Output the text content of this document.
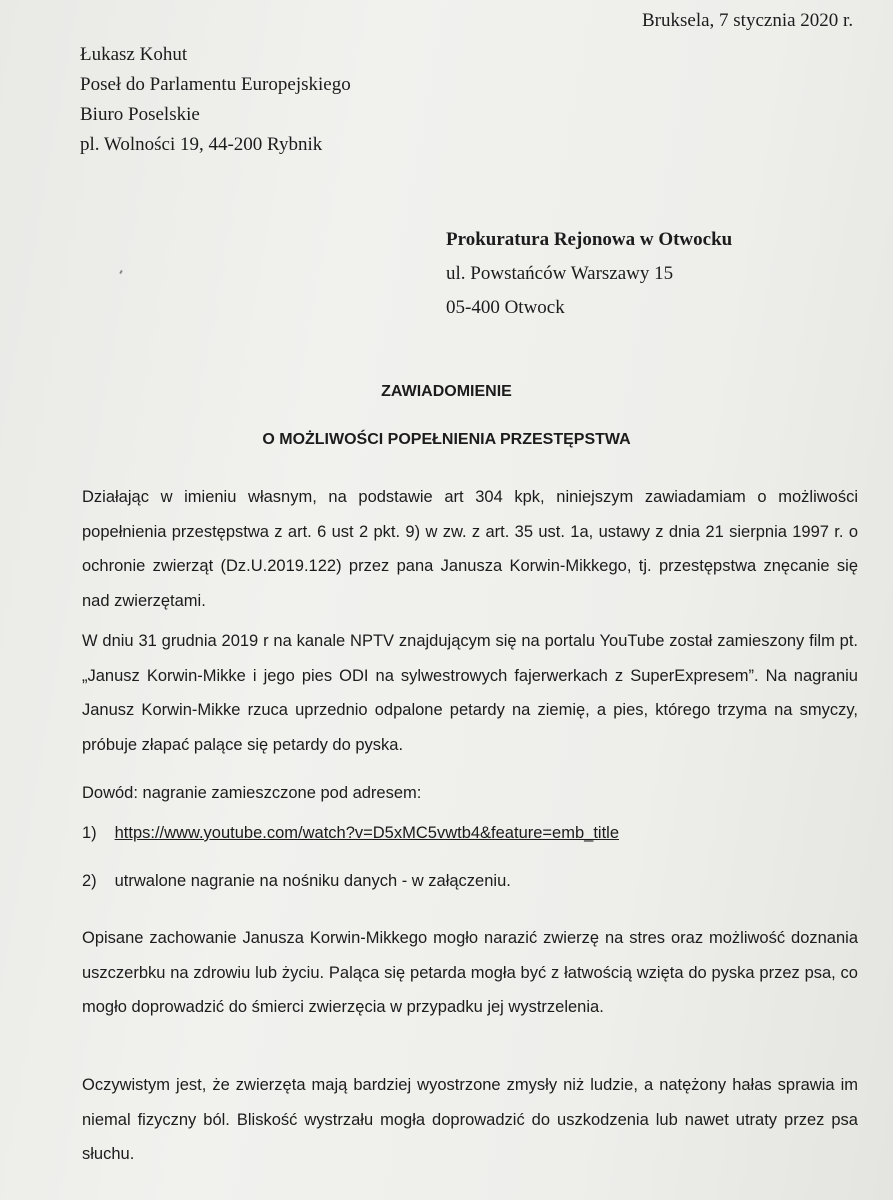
Bruksela, 7 stycznia 2020 r.
Łukasz Kohut
Poseł do Parlamentu Europejskiego
Biuro Poselskie
pl. Wolności 19, 44-200 Rybnik
Prokuratura Rejonowa w Otwocku
ul. Powstańców Warszawy 15
05-400 Otwock
ZAWIADOMIENIE
O MOŻLIWOŚCI POPEŁNIENIA PRZESTĘPSTWA
Działając w imieniu własnym, na podstawie art 304 kpk, niniejszym zawiadamiam o możliwości popełnienia przestępstwa z art. 6 ust 2 pkt. 9) w zw. z art. 35 ust. 1a, ustawy z dnia 21 sierpnia 1997 r. o ochronie zwierząt (Dz.U.2019.122) przez pana Janusza Korwin-Mikkego, tj. przestępstwa znęcanie się nad zwierzętami.
W dniu 31 grudnia 2019 r na kanale NPTV znajdującym się na portalu YouTube został zamieszony film pt. „Janusz Korwin-Mikke i jego pies ODI na sylwestrowych fajerwerkach z SuperExpresem”. Na nagraniu Janusz Korwin-Mikke rzuca uprzednio odpalone petardy na ziemię, a pies, którego trzyma na smyczy, próbuje złapać palące się petardy do pyska.
Dowód: nagranie zamieszczone pod adresem:
1) https://www.youtube.com/watch?v=D5xMC5vwtb4&feature=emb_title
2) utrwalone nagranie na nośniku danych - w załączeniu.
Opisane zachowanie Janusza Korwin-Mikkego mogło narazić zwierzę na stres oraz możliwość doznania uszczerbku na zdrowiu lub życiu. Paląca się petarda mogła być z łatwością wzięta do pyska przez psa, co mogło doprowadzić do śmierci zwierzęcia w przypadku jej wystrzelenia.
Oczywistym jest, że zwierzęta mają bardziej wyostrzone zmysły niż ludzie, a natężony hałas sprawia im niemal fizyczny ból. Bliskość wystrzału mogła doprowadzić do uszkodzenia lub nawet utraty przez psa słuchu.
